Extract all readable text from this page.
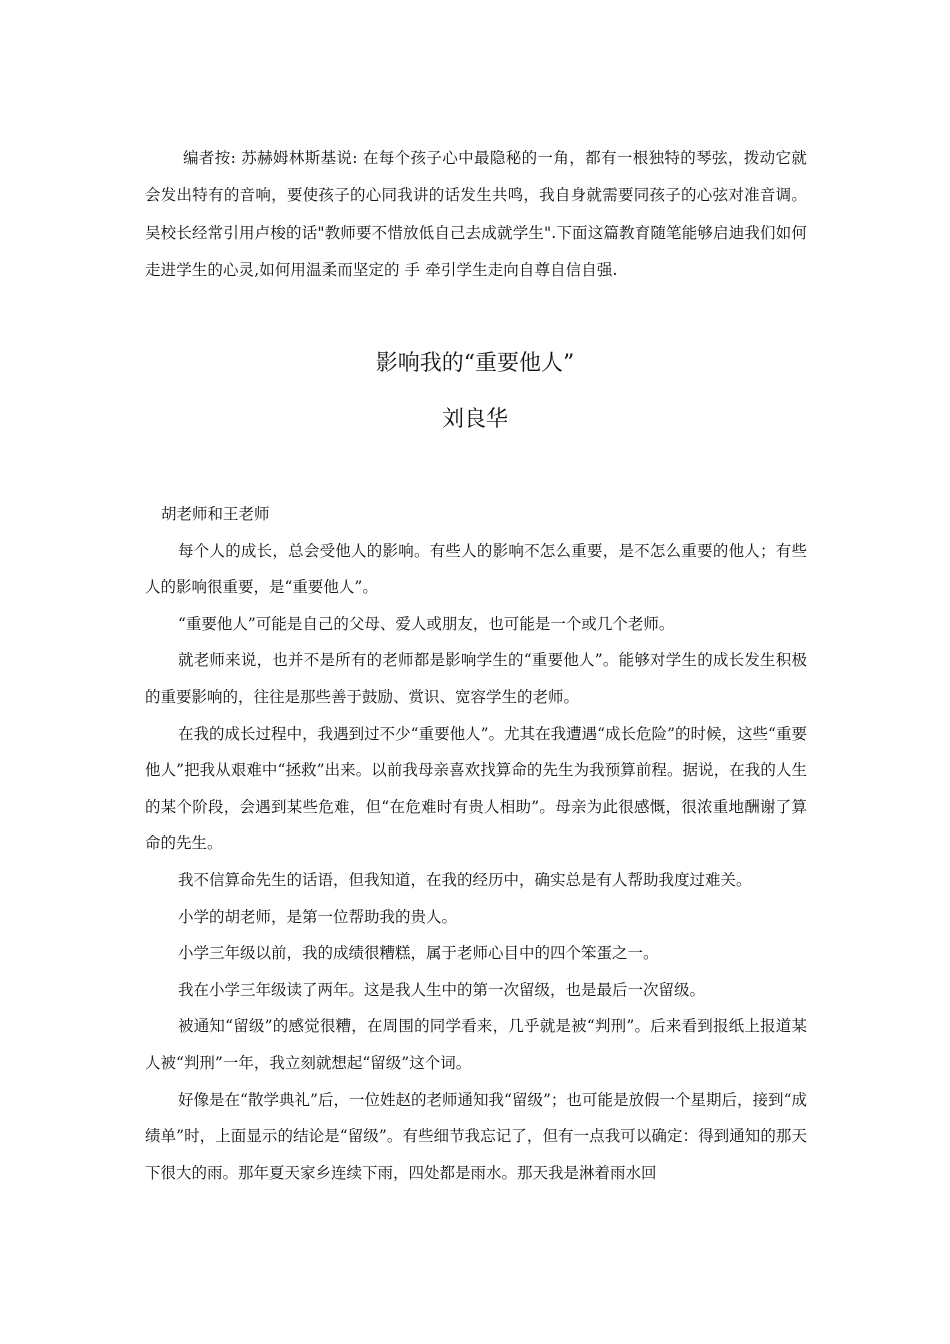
编者按: 苏赫姆林斯基说: 在每个孩子心中最隐秘的一角，都有一根独特的琴弦，拨动它就会发出特有的音响，要使孩子的心同我讲的话发生共鸣，我自身就需要同孩子的心弦对准音调。 吴校长经常引用卢梭的话"教师要不惜放低自己去成就学生".下面这篇教育随笔能够启迪我们如何走进学生的心灵,如何用温柔而坚定的 手 牵引学生走向自尊自信自强.

影响我的“重要他人”
刘良华

胡老师和王老师

每个人的成长，总会受他人的影响。有些人的影响不怎么重要，是不怎么重要的他人；有些人的影响很重要，是“重要他人”。

“重要他人”可能是自己的父母、爱人或朋友，也可能是一个或几个老师。

就老师来说，也并不是所有的老师都是影响学生的“重要他人”。能够对学生的成长发生积极的重要影响的，往往是那些善于鼓励、赏识、宽容学生的老师。

在我的成长过程中，我遇到过不少“重要他人”。尤其在我遭遇“成长危险”的时候，这些“重要他人”把我从艰难中“拯救”出来。以前我母亲喜欢找算命的先生为我预算前程。据说，在我的人生的某个阶段，会遇到某些危难，但“在危难时有贵人相助”。母亲为此很感慨，很浓重地酬谢了算命的先生。

我不信算命先生的话语，但我知道，在我的经历中，确实总是有人帮助我度过难关。

小学的胡老师，是第一位帮助我的贵人。

小学三年级以前，我的成绩很糟糕，属于老师心目中的四个笨蛋之一。

我在小学三年级读了两年。这是我人生中的第一次留级，也是最后一次留级。

被通知“留级”的感觉很糟，在周围的同学看来，几乎就是被“判刑”。后来看到报纸上报道某人被“判刑”一年，我立刻就想起“留级”这个词。

好像是在“散学典礼”后，一位姓赵的老师通知我“留级”；也可能是放假一个星期后，接到“成绩单”时，上面显示的结论是“留级”。有些细节我忘记了，但有一点我可以确定：得到通知的那天下很大的雨。那年夏天家乡连续下雨，四处都是雨水。那天我是淋着雨水回
